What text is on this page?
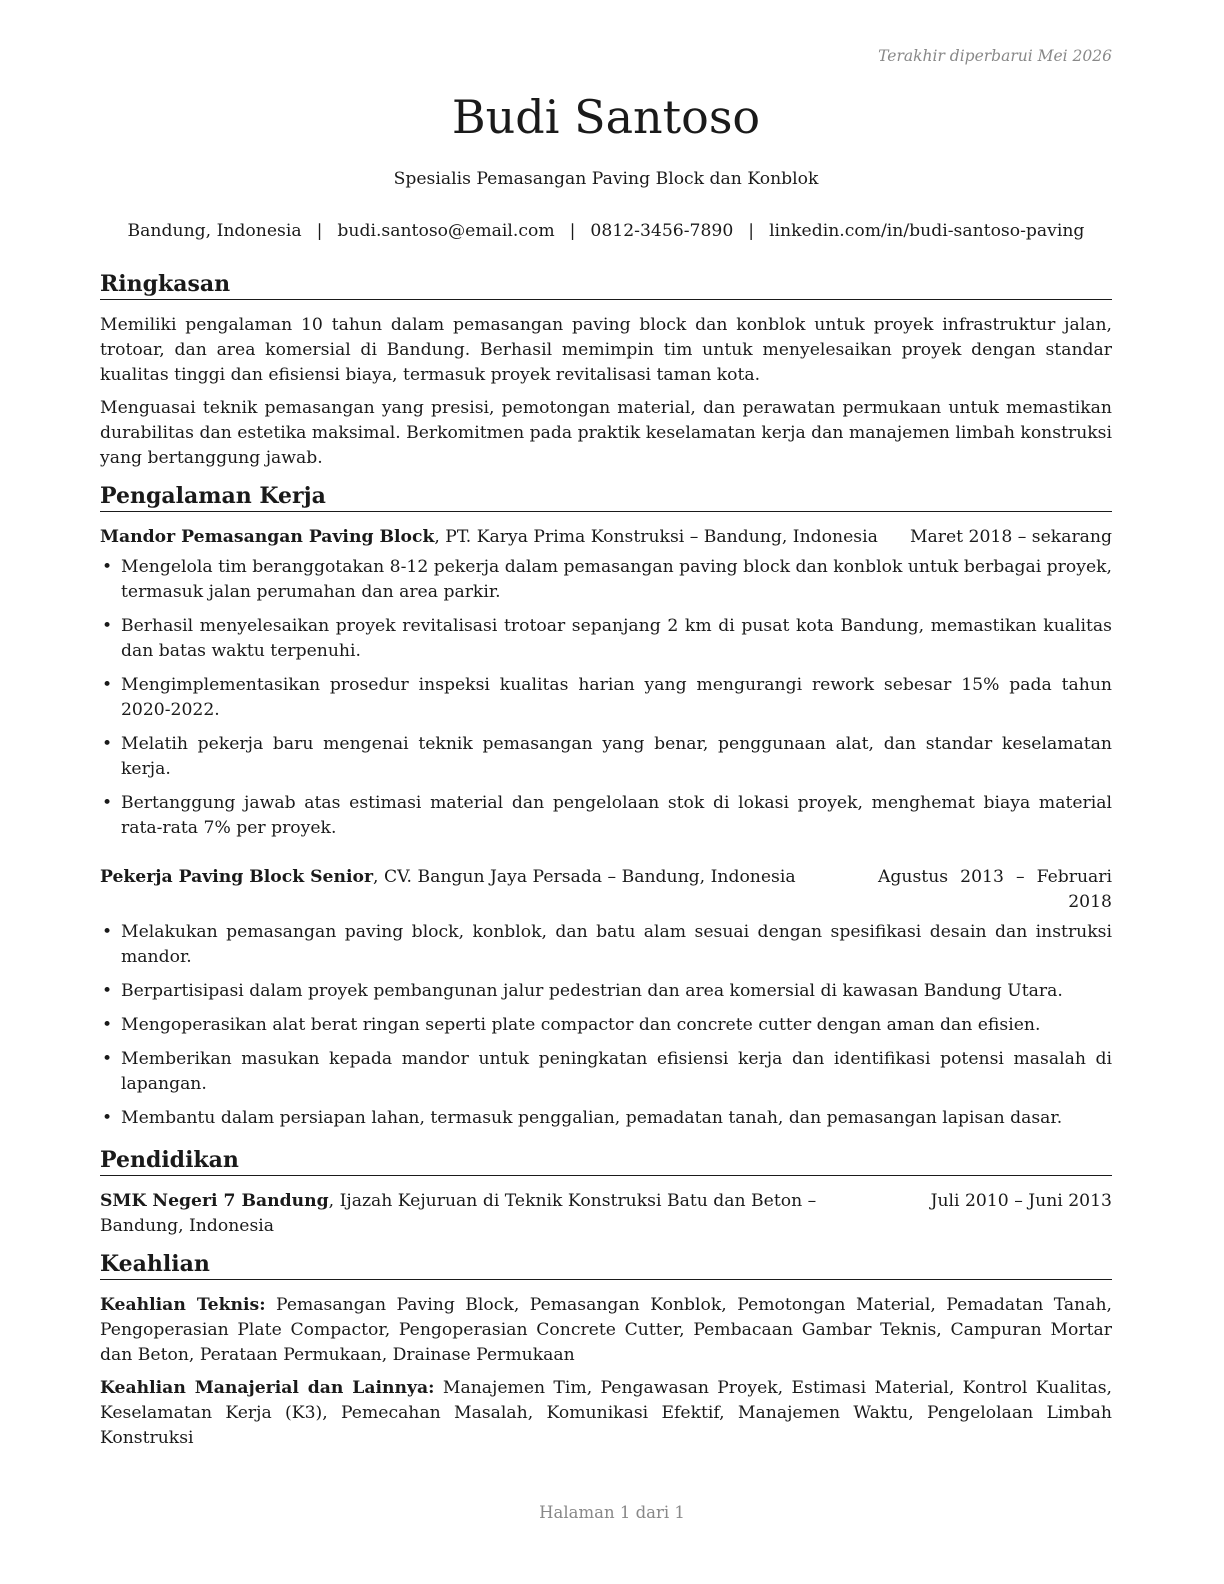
Terakhir diperbarui Mei 2026
Budi Santoso
Spesialis Pemasangan Paving Block dan Konblok
Bandung, Indonesia | budi.santoso@email.com | 0812-3456-7890 | linkedin.com/in/budi-santoso-paving
Ringkasan

Memiliki pengalaman 10 tahun dalam pemasangan paving block dan konblok untuk proyek infrastruktur jalan, trotoar, dan area komersial di Bandung. Berhasil memimpin tim untuk menyelesaikan proyek dengan standar kualitas tinggi dan efisiensi biaya, termasuk proyek revitalisasi taman kota.

Menguasai teknik pemasangan yang presisi, pemotongan material, dan perawatan permukaan untuk memastikan durabilitas dan estetika maksimal. Berkomitmen pada praktik keselamatan kerja dan manajemen limbah konstruksi yang bertanggung jawab.

Pengalaman Kerja
Mandor Pemasangan Paving Block, PT. Karya Prima Konstruksi – Bandung, Indonesia	Maret 2018 – sekarang
• Mengelola tim beranggotakan 8-12 pekerja dalam pemasangan paving block dan konblok untuk berbagai proyek, termasuk jalan perumahan dan area parkir.
• Berhasil menyelesaikan proyek revitalisasi trotoar sepanjang 2 km di pusat kota Bandung, memastikan kualitas dan batas waktu terpenuhi.
• Mengimplementasikan prosedur inspeksi kualitas harian yang mengurangi rework sebesar 15% pada tahun 2020-2022.
• Melatih pekerja baru mengenai teknik pemasangan yang benar, penggunaan alat, dan standar keselamatan kerja.
• Bertanggung jawab atas estimasi material dan pengelolaan stok di lokasi proyek, menghemat biaya material rata-rata 7% per proyek.
Pekerja Paving Block Senior, CV. Bangun Jaya Persada – Bandung, Indonesia	Agustus 2013 – Februari 2018
• Melakukan pemasangan paving block, konblok, dan batu alam sesuai dengan spesifikasi desain dan instruksi mandor.
• Berpartisipasi dalam proyek pembangunan jalur pedestrian dan area komersial di kawasan Bandung Utara.
• Mengoperasikan alat berat ringan seperti plate compactor dan concrete cutter dengan aman dan efisien.
• Memberikan masukan kepada mandor untuk peningkatan efisiensi kerja dan identifikasi potensi masalah di lapangan.
• Membantu dalam persiapan lahan, termasuk penggalian, pemadatan tanah, dan pemasangan lapisan dasar.
Pendidikan
SMK Negeri 7 Bandung, Ijazah Kejuruan di Teknik Konstruksi Batu dan Beton – Bandung, Indonesia
Juli 2010 – Juni 2013
Keahlian

Keahlian Teknis: Pemasangan Paving Block, Pemasangan Konblok, Pemotongan Material, Pemadatan Tanah, Pengoperasian Plate Compactor, Pengoperasian Concrete Cutter, Pembacaan Gambar Teknis, Campuran Mortar dan Beton, Perataan Permukaan, Drainase Permukaan

Keahlian Manajerial dan Lainnya: Manajemen Tim, Pengawasan Proyek, Estimasi Material, Kontrol Kualitas, Keselamatan Kerja (K3), Pemecahan Masalah, Komunikasi Efektif, Manajemen Waktu, Pengelolaan Limbah Konstruksi

Halaman 1 dari 1
